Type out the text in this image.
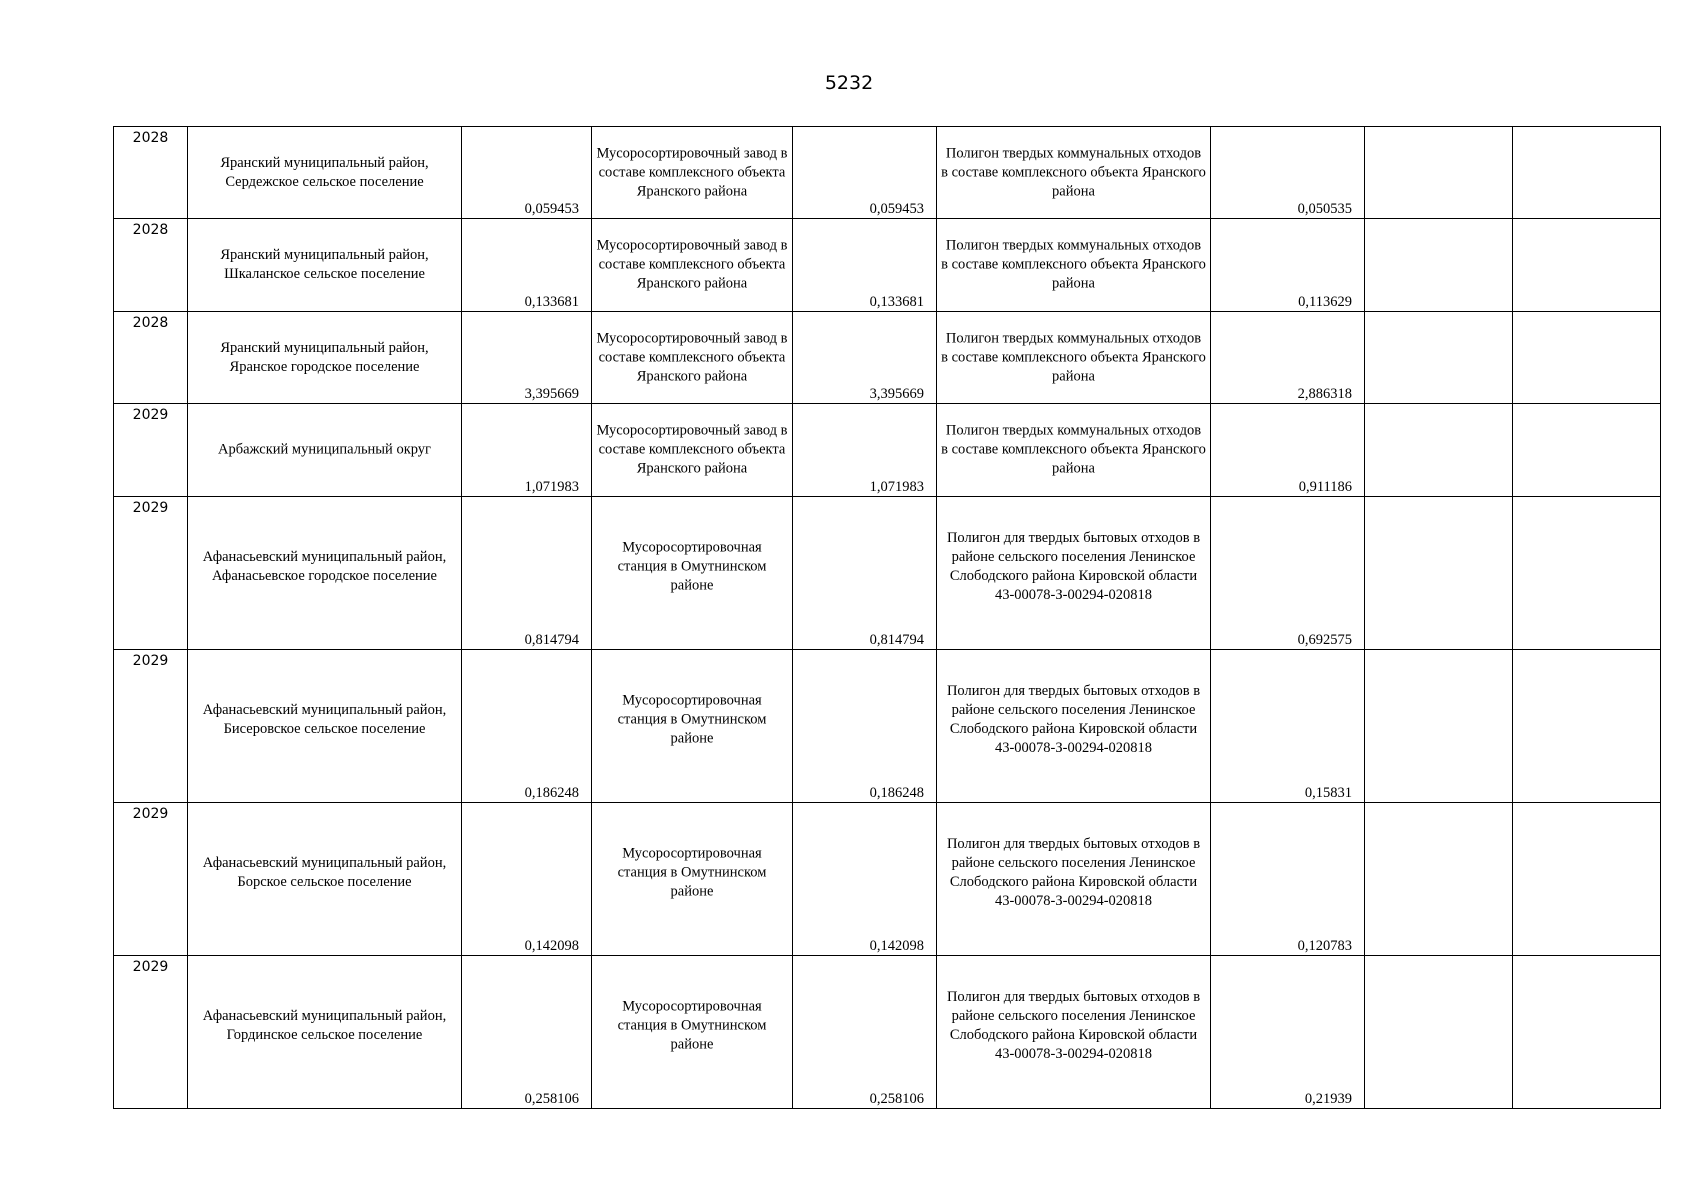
5232
2028	Яранский муниципальный район, Сердежское сельское поселение	0,059453	Мусоросортировочный завод в составе комплексного объекта Яранского района	0,059453	Полигон твердых коммунальных отходов в составе комплексного объекта Яранского района	0,050535		

2028	Яранский муниципальный район, Шкаланское сельское поселение	0,133681	Мусоросортировочный завод в составе комплексного объекта Яранского района	0,133681	Полигон твердых коммунальных отходов в составе комплексного объекта Яранского района	0,113629		

2028	Яранский муниципальный район, Яранское городское поселение	3,395669	Мусоросортировочный завод в составе комплексного объекта Яранского района	3,395669	Полигон твердых коммунальных отходов в составе комплексного объекта Яранского района	2,886318		

2029	Арбажский муниципальный округ	1,071983	Мусоросортировочный завод в составе комплексного объекта Яранского района	1,071983	Полигон твердых коммунальных отходов в составе комплексного объекта Яранского района	0,911186		

2029	Афанасьевский муниципальный район, Афанасьевское городское поселение	0,814794	Мусоросортировочная станция в Омутнинском районе	0,814794	Полигон для твердых бытовых отходов в районе сельского поселения Ленинское Слободского района Кировской области 43-00078-З-00294-020818	0,692575		

2029	Афанасьевский муниципальный район, Бисеровское сельское поселение	0,186248	Мусоросортировочная станция в Омутнинском районе	0,186248	Полигон для твердых бытовых отходов в районе сельского поселения Ленинское Слободского района Кировской области 43-00078-З-00294-020818	0,15831		

2029	Афанасьевский муниципальный район, Борское сельское поселение	0,142098	Мусоросортировочная станция в Омутнинском районе	0,142098	Полигон для твердых бытовых отходов в районе сельского поселения Ленинское Слободского района Кировской области 43-00078-З-00294-020818	0,120783		

2029	Афанасьевский муниципальный район, Гординское сельское поселение	0,258106	Мусоросортировочная станция в Омутнинском районе	0,258106	Полигон для твердых бытовых отходов в районе сельского поселения Ленинское Слободского района Кировской области 43-00078-З-00294-020818	0,21939		
